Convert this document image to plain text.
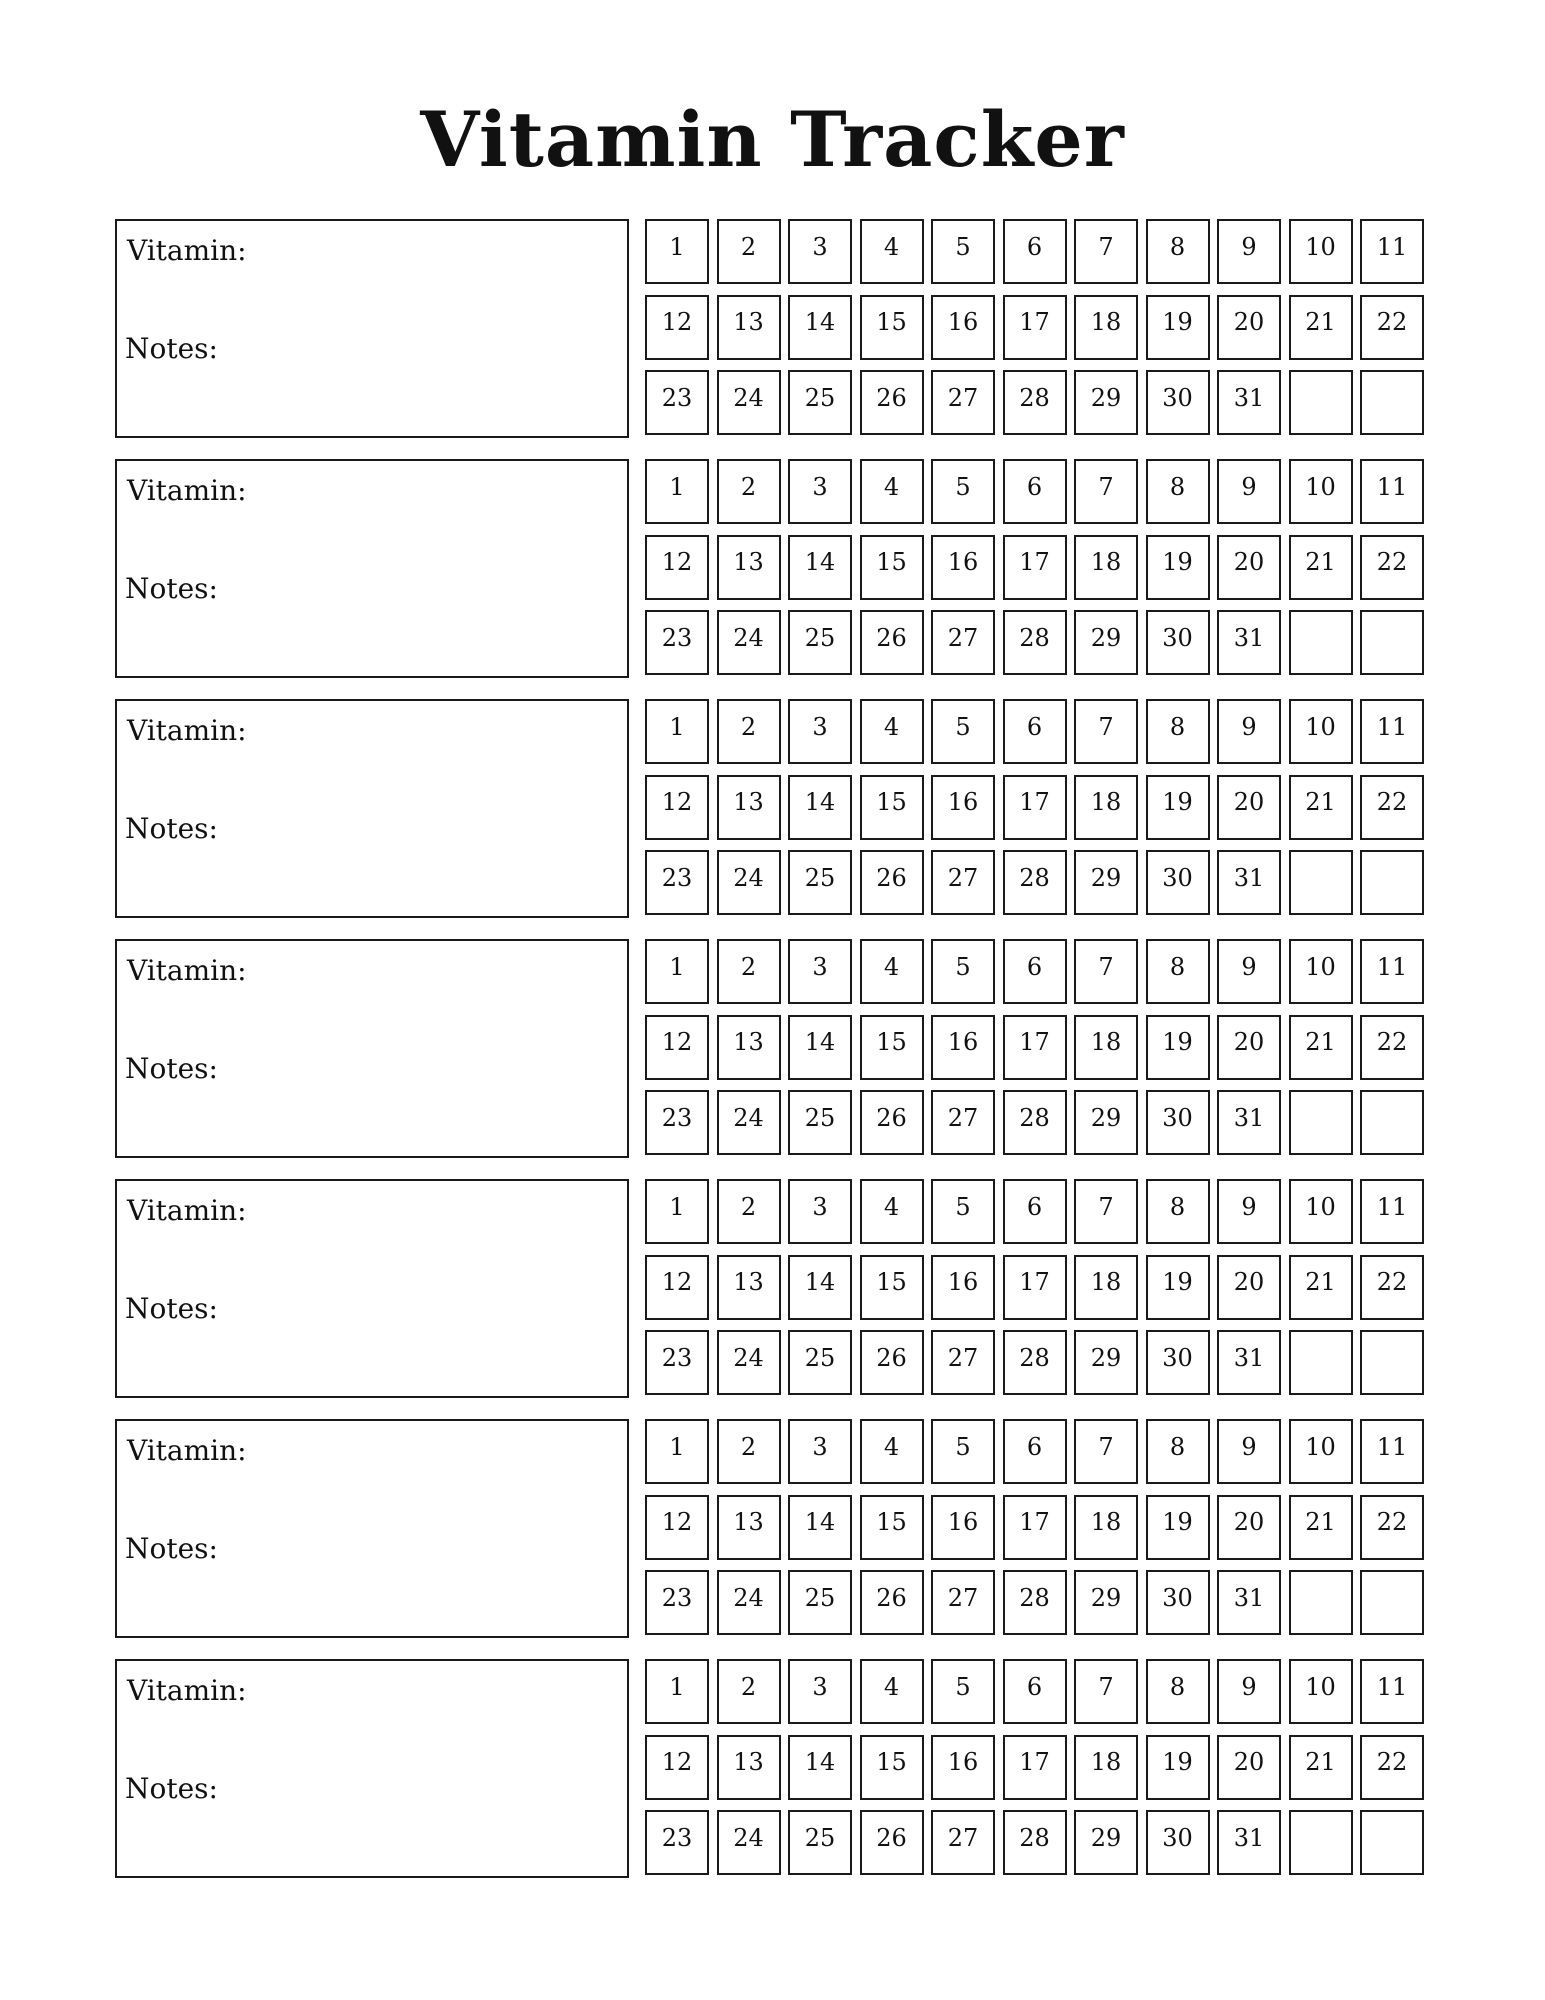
Vitamin Tracker
Vitamin:
Notes:
1 2 3 4 5 6 7 8 9 10 11
12 13 14 15 16 17 18 19 20 21 22
23 24 25 26 27 28 29 30 31
Vitamin:
Notes:
1 2 3 4 5 6 7 8 9 10 11
12 13 14 15 16 17 18 19 20 21 22
23 24 25 26 27 28 29 30 31
Vitamin:
Notes:
1 2 3 4 5 6 7 8 9 10 11
12 13 14 15 16 17 18 19 20 21 22
23 24 25 26 27 28 29 30 31
Vitamin:
Notes:
1 2 3 4 5 6 7 8 9 10 11
12 13 14 15 16 17 18 19 20 21 22
23 24 25 26 27 28 29 30 31
Vitamin:
Notes:
1 2 3 4 5 6 7 8 9 10 11
12 13 14 15 16 17 18 19 20 21 22
23 24 25 26 27 28 29 30 31
Vitamin:
Notes:
1 2 3 4 5 6 7 8 9 10 11
12 13 14 15 16 17 18 19 20 21 22
23 24 25 26 27 28 29 30 31
Vitamin:
Notes:
1 2 3 4 5 6 7 8 9 10 11
12 13 14 15 16 17 18 19 20 21 22
23 24 25 26 27 28 29 30 31
